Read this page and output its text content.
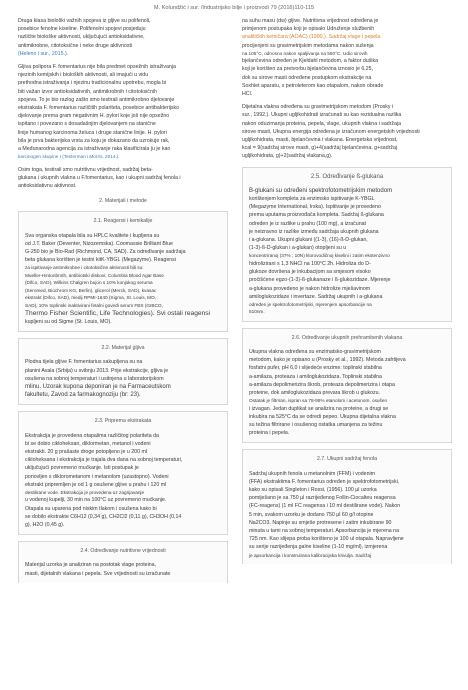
M. Kolundžić i sur. /Industrijsko bilje i proizvodi 79 (2016)110-115
Druga klasa biološki važnih spojeva iz gljive su polifenoli,
posebice fenolne kiseline. Polifenolni spojevi posjeduju
različite biološke aktivnosti, uključujući antioksidativne,
antimikrobne, citotoksične i neke druge aktivnosti
(Heleno i sur., 2015.).
Gljiva polipora F. fomentarius nije bila predmet opsežnih istraživanja
njezinih kemijskih i bioloških aktivnosti, ali imajući u vidu
prethodna istraživanja i njezinu tradicionalnu upotrebu, mogla bi
biti važan izvor antioksidativnih, antimikrobnih i citotoksičnih
spojeva. To je bio razlog zašto smo testirali antimikrobno djelovanje
ekstrakata F. fomentarius različitih polariteta, posebice antibakterijsko
djelovanje prema gram negativnim H. pylori koje još nije opsežno
ispitano i povezano s dosadašnjim djelovanjem na stanične
linije humanog karcinoma želuca i druge stanične linije. H. pylori
bila je prva bakterijska vrsta za koju je dokazano da uzrokuje rak,
a Međunarodna agencija za istraživanje raka klasificirala ju je kao
karcinogen skupine I (Testerman i Morris, 2014.).
Osim toga, testirali smo nutritivnu vrijednost, sadržaj beta-
glukana i ukupnih vlakna u F.fomentarius, kao i ukupni sadržaj fenola i
antioksidativnu aktivnost.
2. Materijali i metode
2.1. Reagensi i kemikalije
Sva organska otapala bila su HPLC kvalitete i kupljena su
od J.T. Baker (Deventer, Nizozemska). Coomassie Brilliant Blue
G-250 bio je Bio-Rad (Richmond, CA, SAD). Za određivanje sadržaja
beta glukana korišten je testni kitK-YBGL (Megazyme). Reagensi
za ispitivanje antimikrobne i citotoksične aktivnosti bili su:
Mueller-Hintonbroth, antibiotski diskovi, Columbia Blood Agar Base
(Difco, SAD), Wilkins Chalgren bujon s 10% konjskog seruma
(Seromed, Biochrom KG, Berlin), glicerol (Merck, SAD), kvasac
ekstrakt (Difco, SAD), medij RPMI-1640 (Sigma, St. Louis, MO,
SAD), 10% toplinski inaktivirani fetalni goveđi serum FBS (GIBCO,
Thermo Fisher Scientific, Life Technologies). Svi ostali reagensi
kupljeni su od Sigme (St. Louis, MO).
2.2. Materijal gljiva
Plodna tijela gljive F. fomentarius sakupljena su na
planini Avala (Srbija) u svibnju 2013. Prije ekstrakcije, gljiva je
osušena na sobnoj temperaturi i usitnjena u laboratorijskom
mlinu. Uzorak kupona deponiran je na Farmaceutskom
fakultetu, Zavod za farmakognoziju (br: 23).
2.3. Priprema ekstrakata
Ekstrakcija je provedena otapalima različitog polariteta da
bi se dobio cikloheksan, diklormetan, metanol i vodeni
ekstrakti. 20 g prašaste droge potopljeno je u 200 ml
cikloheksana i ekstrakcija je trajala dva dana na sobnoj temperaturi,
uključujući povremeno mućkanje. Isti postupak je
ponovljen s diklorometanom i metanolom (uzastopno). Vodeni
ekstrakt pripremljen je od 1 g osušene gljive u prahu i 120 ml
destilirane vode. Ekstrakcija je provedena uz zagrijavanje
u vodenoj kupelji, 30 min na 100°C uz povremeno mućkanje.
Otapala su uparena pod niskim tlakom i osušena kako bi
se dobilo ekstrakte C6H12 (0,34 g), CH2Cl2 (0,11 g), CH3OH (0,14
g), H2O (0,45 g).
2.4. Određivanje nutritivne vrijednosti
Materijal uzorka je analiziran na postotak vlage proteina,
masti, dijetalnih vlakana i pepela. Sve vrijednosti su izračunate
na suhu masu (dw) gljive. Nutritivna vrijednost određena je
primjenom postupaka koji je opisalo Udruženje službenih
analitičkih kemičara (AOAC) (1990.). Sadržaj vlage i pepela
procijenjeni su gravimetrijskim metodama nakon sušenja
na 105°C, odnosno nakon spaljivanja na 550°C. Udio sirovih
bjelančevina određen je Kjeldahl metodom, a faktor dušika
koji je korišten za pretvorbu bjelančevina iznosio je 6,25,
dok su sirove masti određene postupkom ekstrakcije na
Soxhlet aparatu, s petroleterom kao otapalom, nakon obrade
HCl.
Dijetalna vlakna određena su gravimetrijskom metodom (Prosky i
sur., 1992.). Ukupni ugljikohidrati izračunati su kao rezidualna razlika
nakon oduzimanja proteina, pepela, vlage, ukupnih vlakna i sadržaja
sirove masti. Ukupna energija određena je izračunom energetskih vrijednosti
ugljikohidrata, masti, bjelančevina i vlakana. Energetska vrijednost,
kcal = 9(sadržaj sirove masti, g)+4(sadržaj bjelančevina, g+sadržaj
ugljikohidrata, g)+2(sadržaj vlakana,g).
2.5. Određivanje ß-glukana
B-glukani su određeni spektrofotometrijskim metodom
korištenjem kompleta za enzimsko ispitivanje K-YBGL
(Megazyme International, Irska). Ispitivanje je provedeno
prema uputama proizvođača kompleta. Sadržaj ß-glukana
određen je iz razlike u prahu (100 mg), a izračunat
je neizravno iz razlike između sadržaja ukupnih glukana
i a-glukana. Ukupni glukani ((1-3), (16)-ß-D-glukan,
(1-3)-ß-D-glukan i a-glukan) otopljeni su u
koncentriranoj (37% ; 10N) klorovodičnoj kiselini i zatim ekstenzivno
hidrolizirani s 1,3 NHCl na 100°C 2h. Hidroliza do D-
glukoze dovršena je inkubacijom sa smjesom visoko
pročišćene egzo-(1-3)-ß-glukanaze i ß-glukozidaze. Mjerenje
a-glukana provedeno je nakon hidrolize mješavinom
amiloglukozidaze i invertaze. Sadržaj ukupnih i a-glukana
određen je spektrofotometrijski, mjerenjem apsorbancije na
510nm.
2.6. Određivanje ukupnih prehrambenih vlakana
Ukupna vlakna određena su enzimatsko-gravimetrijskom
metodom, kako je opisano u (Prosky et al., 1992). Metoda zahtijeva
fosfatni pufer, pH 6,0 i slijedeće enzime: toplinski stabilna
a-amilaza, proteaza i amiloglukozidaza. Toplinski stabilna
a-amilaza depolimerizira škrob, proteaza depolimerizira i otapa
proteine, dok amiloglukozidaza prevara škrob u glukozu.
Ostatak je filtriran, ispran sa 78-95% etanolom i acetonom, osušen
i izvagan. Jedan duplikat se analizira na proteine, a drugi se
inkubira na 525°C da se odredi pepeo. Ukupna dijetalna vlakna
su težina filtrirane i osušenog ostatka umanjena za težinu
proteina i pepela.
2.7. Ukupni sadržaj fenola
Sadržaj ukupnih fenola u metanolnim (FFM) i vodenim
(FFA) ekstraktima F. fomentarius određen je spektrofotometrijski,
kako su opisali Singleton i Rossi, (1956). 100 µl uzorka
pomiješano je sa 750 µl razrijeđenog Follin-Ciocalteu reagensa
(FC-reagens) (1 ml FC reagensa i 10 ml destilirane vode). Nakon
5 min, svakom uzorku je dodano 750 µl 60 g/l otopine
Na2CO3. Napinje su smješe protresene i zatim inkubirane 90
minuta u tami na sobnoj temperaturi. Apsorbancija je mjerena na
725 nm. Kao slijepa proba korišteno je 100 ul otapala. Napravljene
su serije razrijeđenja galne kiseline (1-10 mg/ml), izmjerena
je apsorbancija i konstruirana kalibracijska krivulja. Sadržaj
